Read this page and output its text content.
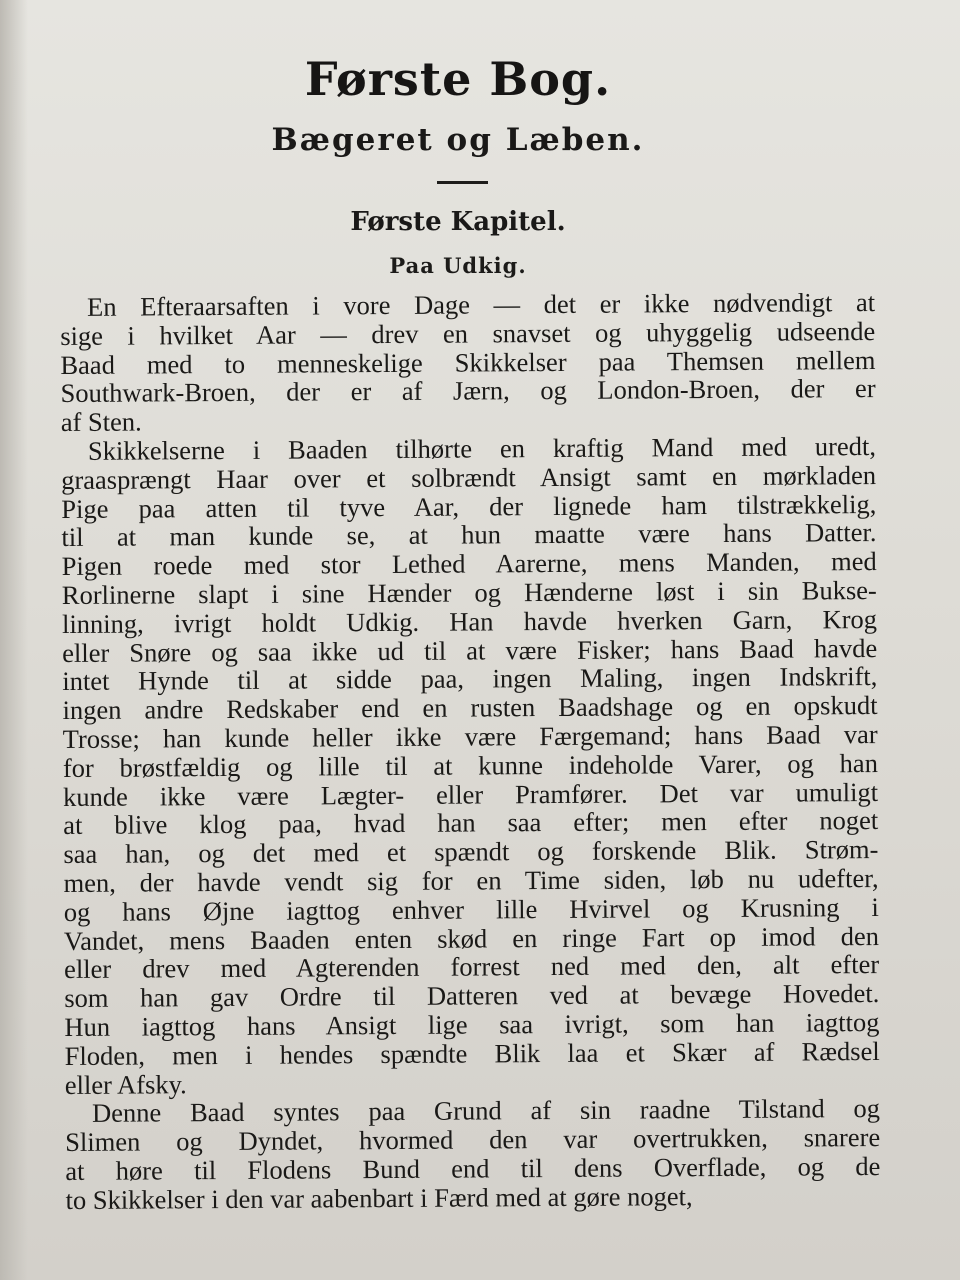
Første Bog.
Bægeret og Læben.
Første Kapitel.
Paa Udkig.
En Efteraarsaften i vore Dage — det er ikke nødvendigt at
sige i hvilket Aar — drev en snavset og uhyggelig udseende
Baad med to menneskelige Skikkelser paa Themsen mellem
Southwark-Broen, der er af Jærn, og London-Broen, der er
af Sten.
Skikkelserne i Baaden tilhørte en kraftig Mand med uredt,
graasprængt Haar over et solbrændt Ansigt samt en mørkladen
Pige paa atten til tyve Aar, der lignede ham tilstrækkelig,
til at man kunde se, at hun maatte være hans Datter.
Pigen roede med stor Lethed Aarerne, mens Manden, med
Rorlinerne slapt i sine Hænder og Hænderne løst i sin Bukse-
linning, ivrigt holdt Udkig. Han havde hverken Garn, Krog
eller Snøre og saa ikke ud til at være Fisker; hans Baad havde
intet Hynde til at sidde paa, ingen Maling, ingen Indskrift,
ingen andre Redskaber end en rusten Baadshage og en opskudt
Trosse; han kunde heller ikke være Færgemand; hans Baad var
for brøstfældig og lille til at kunne indeholde Varer, og han
kunde ikke være Lægter- eller Pramfører. Det var umuligt
at blive klog paa, hvad han saa efter; men efter noget
saa han, og det med et spændt og forskende Blik. Strøm-
men, der havde vendt sig for en Time siden, løb nu udefter,
og hans Øjne iagttog enhver lille Hvirvel og Krusning i
Vandet, mens Baaden enten skød en ringe Fart op imod den
eller drev med Agterenden forrest ned med den, alt efter
som han gav Ordre til Datteren ved at bevæge Hovedet.
Hun iagttog hans Ansigt lige saa ivrigt, som han iagttog
Floden, men i hendes spændte Blik laa et Skær af Rædsel
eller Afsky.
Denne Baad syntes paa Grund af sin raadne Tilstand og
Slimen og Dyndet, hvormed den var overtrukken, snarere
at høre til Flodens Bund end til dens Overflade, og de
to Skikkelser i den var aabenbart i Færd med at gøre noget,
